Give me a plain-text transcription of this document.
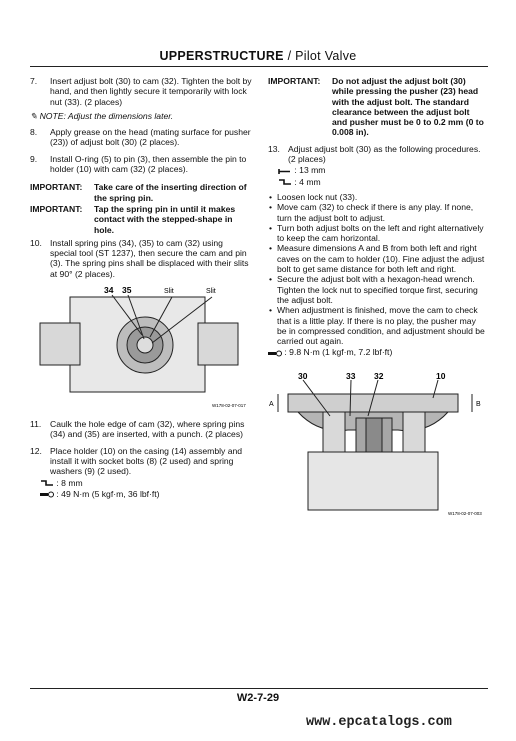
UPPERSTRUCTURE / Pilot Valve
7. Insert adjust bolt (30) to cam (32). Tighten the bolt by hand, and then lightly secure it temporarily with lock nut (33). (2 places)
✎ NOTE: Adjust the dimensions later.
8. Apply grease on the head (mating surface for pusher (23)) of adjust bolt (30) (2 places).
9. Install O-ring (5) to pin (3), then assemble the pin to holder (10) with cam (32) (2 places).
IMPORTANT: Take care of the inserting direction of the spring pin.
IMPORTANT: Tap the spring pin in until it makes contact with the stepped-shape in hole.
10. Install spring pins (34), (35) to cam (32) using special tool (ST 1237), then secure the cam and pin (3). The spring pins shall be displaced with their slits at 90° (2 places).
34 35	Slit	Slit
W178-02-07-017
11. Caulk the hole edge of cam (32), where spring pins (34) and (35) are inserted, with a punch. (2 places)
12. Place holder (10) on the casing (14) assembly and install it with socket bolts (8) (2 used) and spring washers (9) (2 used).
: 8 mm
: 49 N·m (5 kgf·m, 36 lbf·ft)
IMPORTANT: Do not adjust the adjust bolt (30) while pressing the pusher (23) head with the adjust bolt. The standard clearance between the adjust bolt and pusher must be 0 to 0.2 mm (0 to 0.008 in).
13. Adjust adjust bolt (30) as the following procedures. (2 places)
: 13 mm
: 4 mm
• Loosen lock nut (33).
• Move cam (32) to check if there is any play. If none, turn the adjust bolt to adjust.
• Turn both adjust bolts on the left and right alternatively to keep the cam horizontal.
• Measure dimensions A and B from both left and right caves on the cam to holder (10). Fine adjust the adjust bolt to get same distance for both left and right.
• Secure the adjust bolt with a hexagon-head wrench. Tighten the lock nut to specified torque first, securing the adjust bolt.
• When adjustment is finished, move the cam to check that is a little play. If there is no play, the pusher may be in compressed condition, and adjustment should be carried out again.
: 9.8 N·m (1 kgf·m, 7.2 lbf·ft)
30	33 32	10
A	B
W178-02-07-003
W2-7-29
www.epcatalogs.com
